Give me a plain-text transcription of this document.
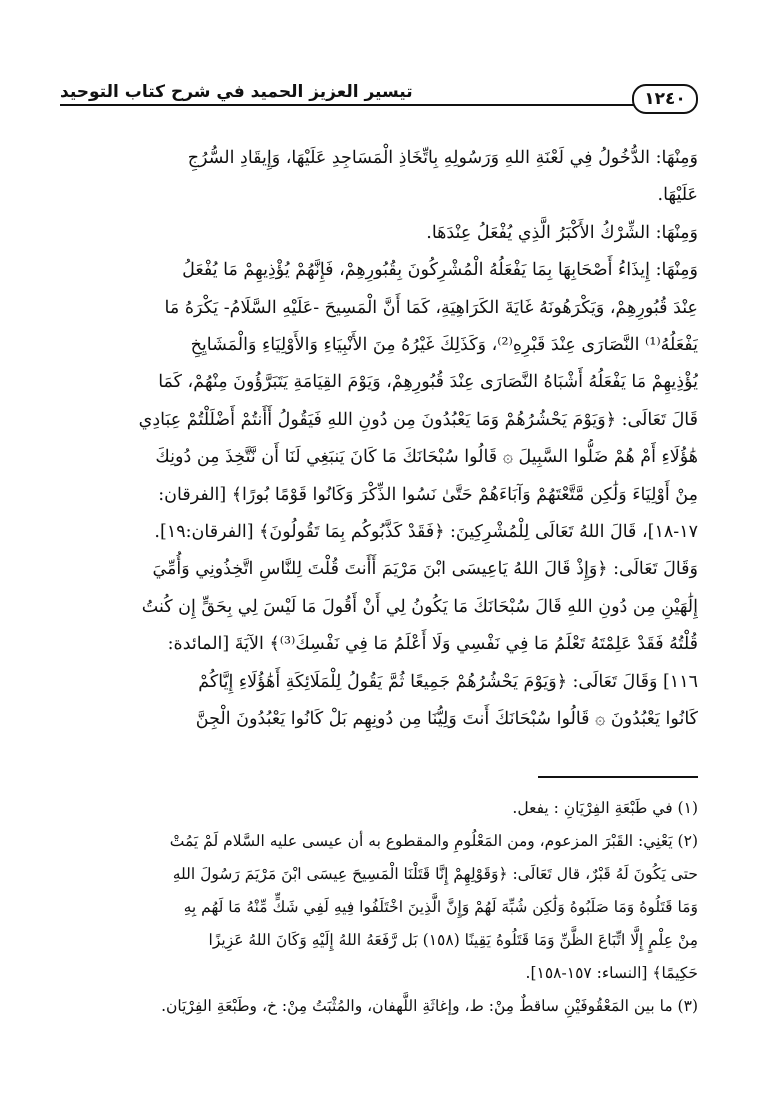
تيسير العزيز الحميد في شرح كتاب التوحيد	١٢٤٠
وَمِنْهَا: الدُّخُولُ فِي لَعْنَةِ اللهِ وَرَسُولِهِ بِاتِّخَاذِ الْمَسَاجِدِ عَلَيْهَا، وَإِيقَادِ السُّرُجِ
عَلَيْهَا.
وَمِنْهَا: الشِّرْكُ الأَكْبَرُ الَّذِي يُفْعَلُ عِنْدَهَا.
وَمِنْهَا: إِيذَاءُ أَصْحَابِهَا بِمَا يَفْعَلُهُ الْمُشْرِكُونَ بِقُبُورِهِمْ، فَإِنَّهُمْ يُؤْذِيهِمْ مَا يُفْعَلُ
عِنْدَ قُبُورِهِمْ، وَيَكْرَهُونَهُ غَايَةَ الكَرَاهِيَةِ، كَمَا أَنَّ الْمَسِيحَ -عَلَيْهِ السَّلَامُ- يَكْرَهُ مَا
يَفْعَلُهُ⁽¹⁾ النَّصَارَى عِنْدَ قَبْرِهِ⁽²⁾، وَكَذَلِكَ غَيْرُهُ مِنَ الأَنْبِيَاءِ وَالأَوْلِيَاءِ وَالْمَشَايِخِ
يُؤْذِيهِمْ مَا يَفْعَلُهُ أَشْبَاهُ النَّصَارَى عِنْدَ قُبُورِهِمْ، وَيَوْمَ القِيَامَةِ يَتَبَرَّؤُونَ مِنْهُمْ، كَمَا
قَالَ تَعَالَى: ﴿وَيَوْمَ يَحْشُرُهُمْ وَمَا يَعْبُدُونَ مِن دُونِ اللهِ فَيَقُولُ أَأَنتُمْ أَضْلَلْتُمْ عِبَادِي
هَٰؤُلَاءِ أَمْ هُمْ ضَلُّوا السَّبِيلَ ۞ قَالُوا سُبْحَانَكَ مَا كَانَ يَنبَغِي لَنَا أَن نَّتَّخِذَ مِن دُونِكَ
مِنْ أَوْلِيَاءَ وَلَٰكِن مَّتَّعْتَهُمْ وَآبَاءَهُمْ حَتَّىٰ نَسُوا الذِّكْرَ وَكَانُوا قَوْمًا بُورًا﴾ [الفرقان:
١٧-١٨]، قَالَ اللهُ تَعَالَى لِلْمُشْرِكِينَ: ﴿فَقَدْ كَذَّبُوكُم بِمَا تَقُولُونَ﴾ [الفرقان:١٩].
وَقَالَ تَعَالَى: ﴿وَإِذْ قَالَ اللهُ يَاعِيسَى ابْنَ مَرْيَمَ أَأَنتَ قُلْتَ لِلنَّاسِ اتَّخِذُونِي وَأُمِّيَ
إِلَٰهَيْنِ مِن دُونِ اللهِ قَالَ سُبْحَانَكَ مَا يَكُونُ لِي أَنْ أَقُولَ مَا لَيْسَ لِي بِحَقٍّ إِن كُنتُ
قُلْتُهُ فَقَدْ عَلِمْتَهُ تَعْلَمُ مَا فِي نَفْسِي وَلَا أَعْلَمُ مَا فِي نَفْسِكَ⁽³⁾﴾ الآيَةَ [المائدة:
١١٦] وَقَالَ تَعَالَى: ﴿وَيَوْمَ يَحْشُرُهُمْ جَمِيعًا ثُمَّ يَقُولُ لِلْمَلَائِكَةِ أَهَٰؤُلَاءِ إِيَّاكُمْ
كَانُوا يَعْبُدُونَ ۞ قَالُوا سُبْحَانَكَ أَنتَ وَلِيُّنَا مِن دُونِهِم بَلْ كَانُوا يَعْبُدُونَ الْجِنَّ
(١) في طَبْعَةِ الفِرْيَانِ : يفعل.
(٢) يَعْنِي: القَبْرَ المزعوم، ومن المَعْلُومِ والمقطوع به أن عيسى عليه السَّلام لَمْ يَمُتْ
حتى يَكُونَ لَهُ قَبْرٌ، قال تَعَالَى: ﴿وَقَوْلِهِمْ إِنَّا قَتَلْنَا الْمَسِيحَ عِيسَى ابْنَ مَرْيَمَ رَسُولَ اللهِ
وَمَا قَتَلُوهُ وَمَا صَلَبُوهُ وَلَٰكِن شُبِّهَ لَهُمْ وَإِنَّ الَّذِينَ اخْتَلَفُوا فِيهِ لَفِي شَكٍّ مِّنْهُ مَا لَهُم بِهِ
مِنْ عِلْمٍ إِلَّا اتِّبَاعَ الظَّنِّ وَمَا قَتَلُوهُ يَقِينًا (١٥٨) بَل رَّفَعَهُ اللهُ إِلَيْهِ وَكَانَ اللهُ عَزِيزًا
حَكِيمًا﴾ [النساء: ١٥٧-١٥٨].
(٣) ما بين المَعْقُوفَيْنِ ساقطٌ مِنْ: ط، وإغاثَةِ اللَّهفان، والمُثْبَتُ مِنْ: خ، وطَبْعَةِ الفِرْيَان.
